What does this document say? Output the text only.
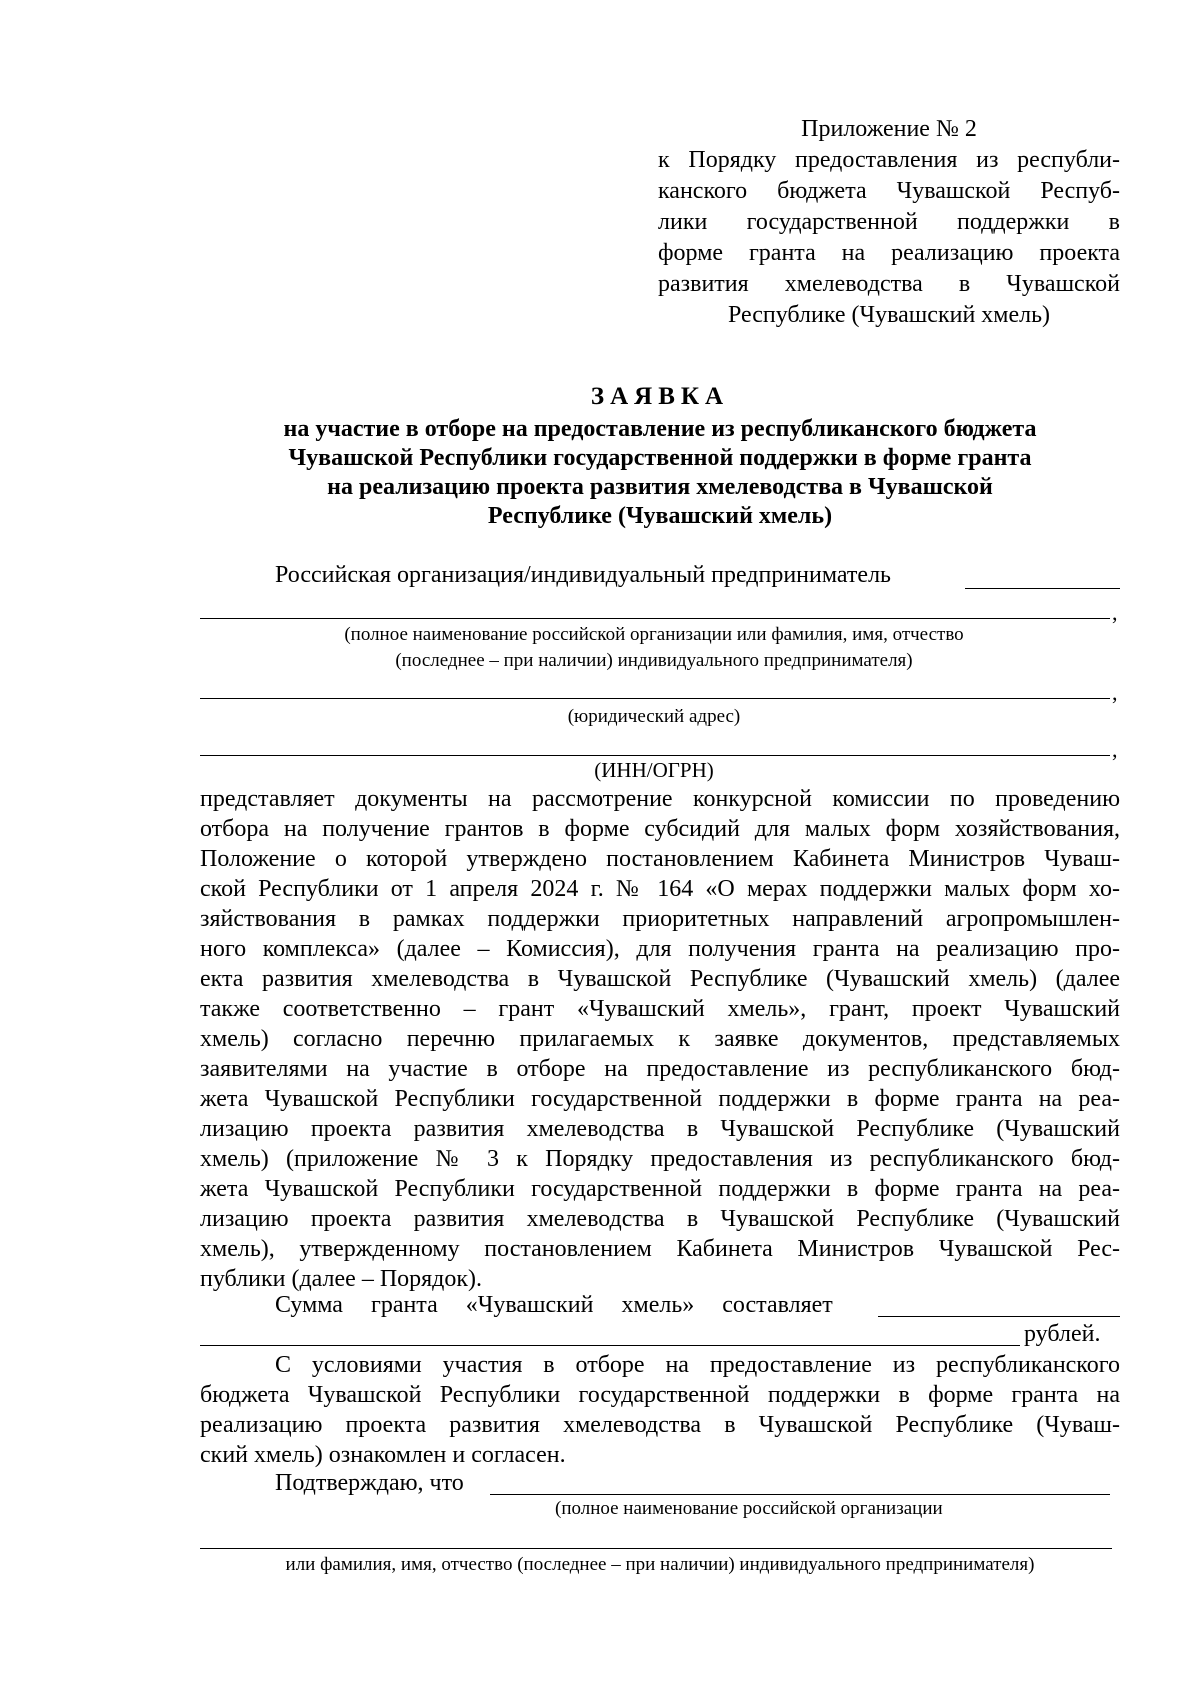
Приложение № 2
к Порядку предоставления из республи-
канского бюджета Чувашской Респуб-
лики государственной поддержки в
форме гранта на реализацию проекта
развития хмелеводства в Чувашской
Республике (Чувашский хмель)
ЗАЯВКА
на участие в отборе на предоставление из республиканского бюджета
Чувашской Республики государственной поддержки в форме гранта
на реализацию проекта развития хмелеводства в Чувашской
Республике (Чувашский хмель)
Российская организация/индивидуальный предприниматель
,
(полное наименование российской организации или фамилия, имя, отчество
(последнее – при наличии) индивидуального предпринимателя)
,
(юридический адрес)
,
(ИНН/ОГРН)
представляет документы на рассмотрение конкурсной комиссии по проведению
отбора на получение грантов в форме субсидий для малых форм хозяйствования,
Положение о которой утверждено постановлением Кабинета Министров Чуваш-
ской Республики от 1 апреля 2024 г. № 164 «О мерах поддержки малых форм хо-
зяйствования в рамках поддержки приоритетных направлений агропромышлен-
ного комплекса» (далее – Комиссия), для получения гранта на реализацию про-
екта развития хмелеводства в Чувашской Республике (Чувашский хмель) (далее
также соответственно – грант «Чувашский хмель», грант, проект Чувашский
хмель) согласно перечню прилагаемых к заявке документов, представляемых
заявителями на участие в отборе на предоставление из республиканского бюд-
жета Чувашской Республики государственной поддержки в форме гранта на реа-
лизацию проекта развития хмелеводства в Чувашской Республике (Чувашский
хмель) (приложение № 3 к Порядку предоставления из республиканского бюд-
жета Чувашской Республики государственной поддержки в форме гранта на реа-
лизацию проекта развития хмелеводства в Чувашской Республике (Чувашский
хмель), утвержденному постановлением Кабинета Министров Чувашской Рес-
публики (далее – Порядок).
Сумма гранта «Чувашский хмель» составляет
рублей.
С условиями участия в отборе на предоставление из республиканского
бюджета Чувашской Республики государственной поддержки в форме гранта на
реализацию проекта развития хмелеводства в Чувашской Республике (Чуваш-
ский хмель) ознакомлен и согласен.
Подтверждаю, что
(полное наименование российской организации
или фамилия, имя, отчество (последнее – при наличии) индивидуального предпринимателя)
